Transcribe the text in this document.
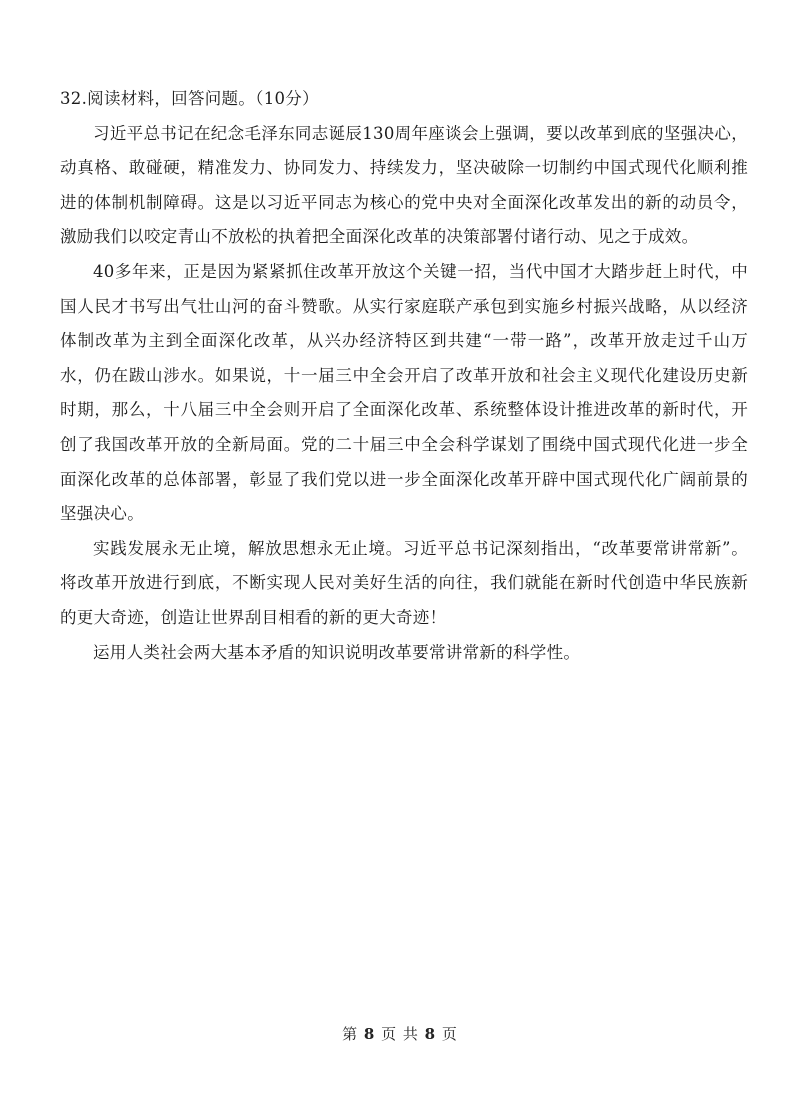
32.阅读材料，回答问题。（10分）

习近平总书记在纪念毛泽东同志诞辰130周年座谈会上强调，要以改革到底的坚强决心，动真格、敢碰硬，精准发力、协同发力、持续发力，坚决破除一切制约中国式现代化顺利推进的体制机制障碍。这是以习近平同志为核心的党中央对全面深化改革发出的新的动员令，激励我们以咬定青山不放松的执着把全面深化改革的决策部署付诸行动、见之于成效。

40多年来，正是因为紧紧抓住改革开放这个关键一招，当代中国才大踏步赶上时代，中国人民才书写出气壮山河的奋斗赞歌。从实行家庭联产承包到实施乡村振兴战略，从以经济体制改革为主到全面深化改革，从兴办经济特区到共建“一带一路”，改革开放走过千山万水，仍在跋山涉水。如果说，十一届三中全会开启了改革开放和社会主义现代化建设历史新时期，那么，十八届三中全会则开启了全面深化改革、系统整体设计推进改革的新时代，开创了我国改革开放的全新局面。党的二十届三中全会科学谋划了围绕中国式现代化进一步全面深化改革的总体部署，彰显了我们党以进一步全面深化改革开辟中国式现代化广阔前景的坚强决心。

实践发展永无止境，解放思想永无止境。习近平总书记深刻指出，“改革要常讲常新”。将改革开放进行到底，不断实现人民对美好生活的向往，我们就能在新时代创造中华民族新的更大奇迹，创造让世界刮目相看的新的更大奇迹！

运用人类社会两大基本矛盾的知识说明改革要常讲常新的科学性。

第 8 页 共 8 页
